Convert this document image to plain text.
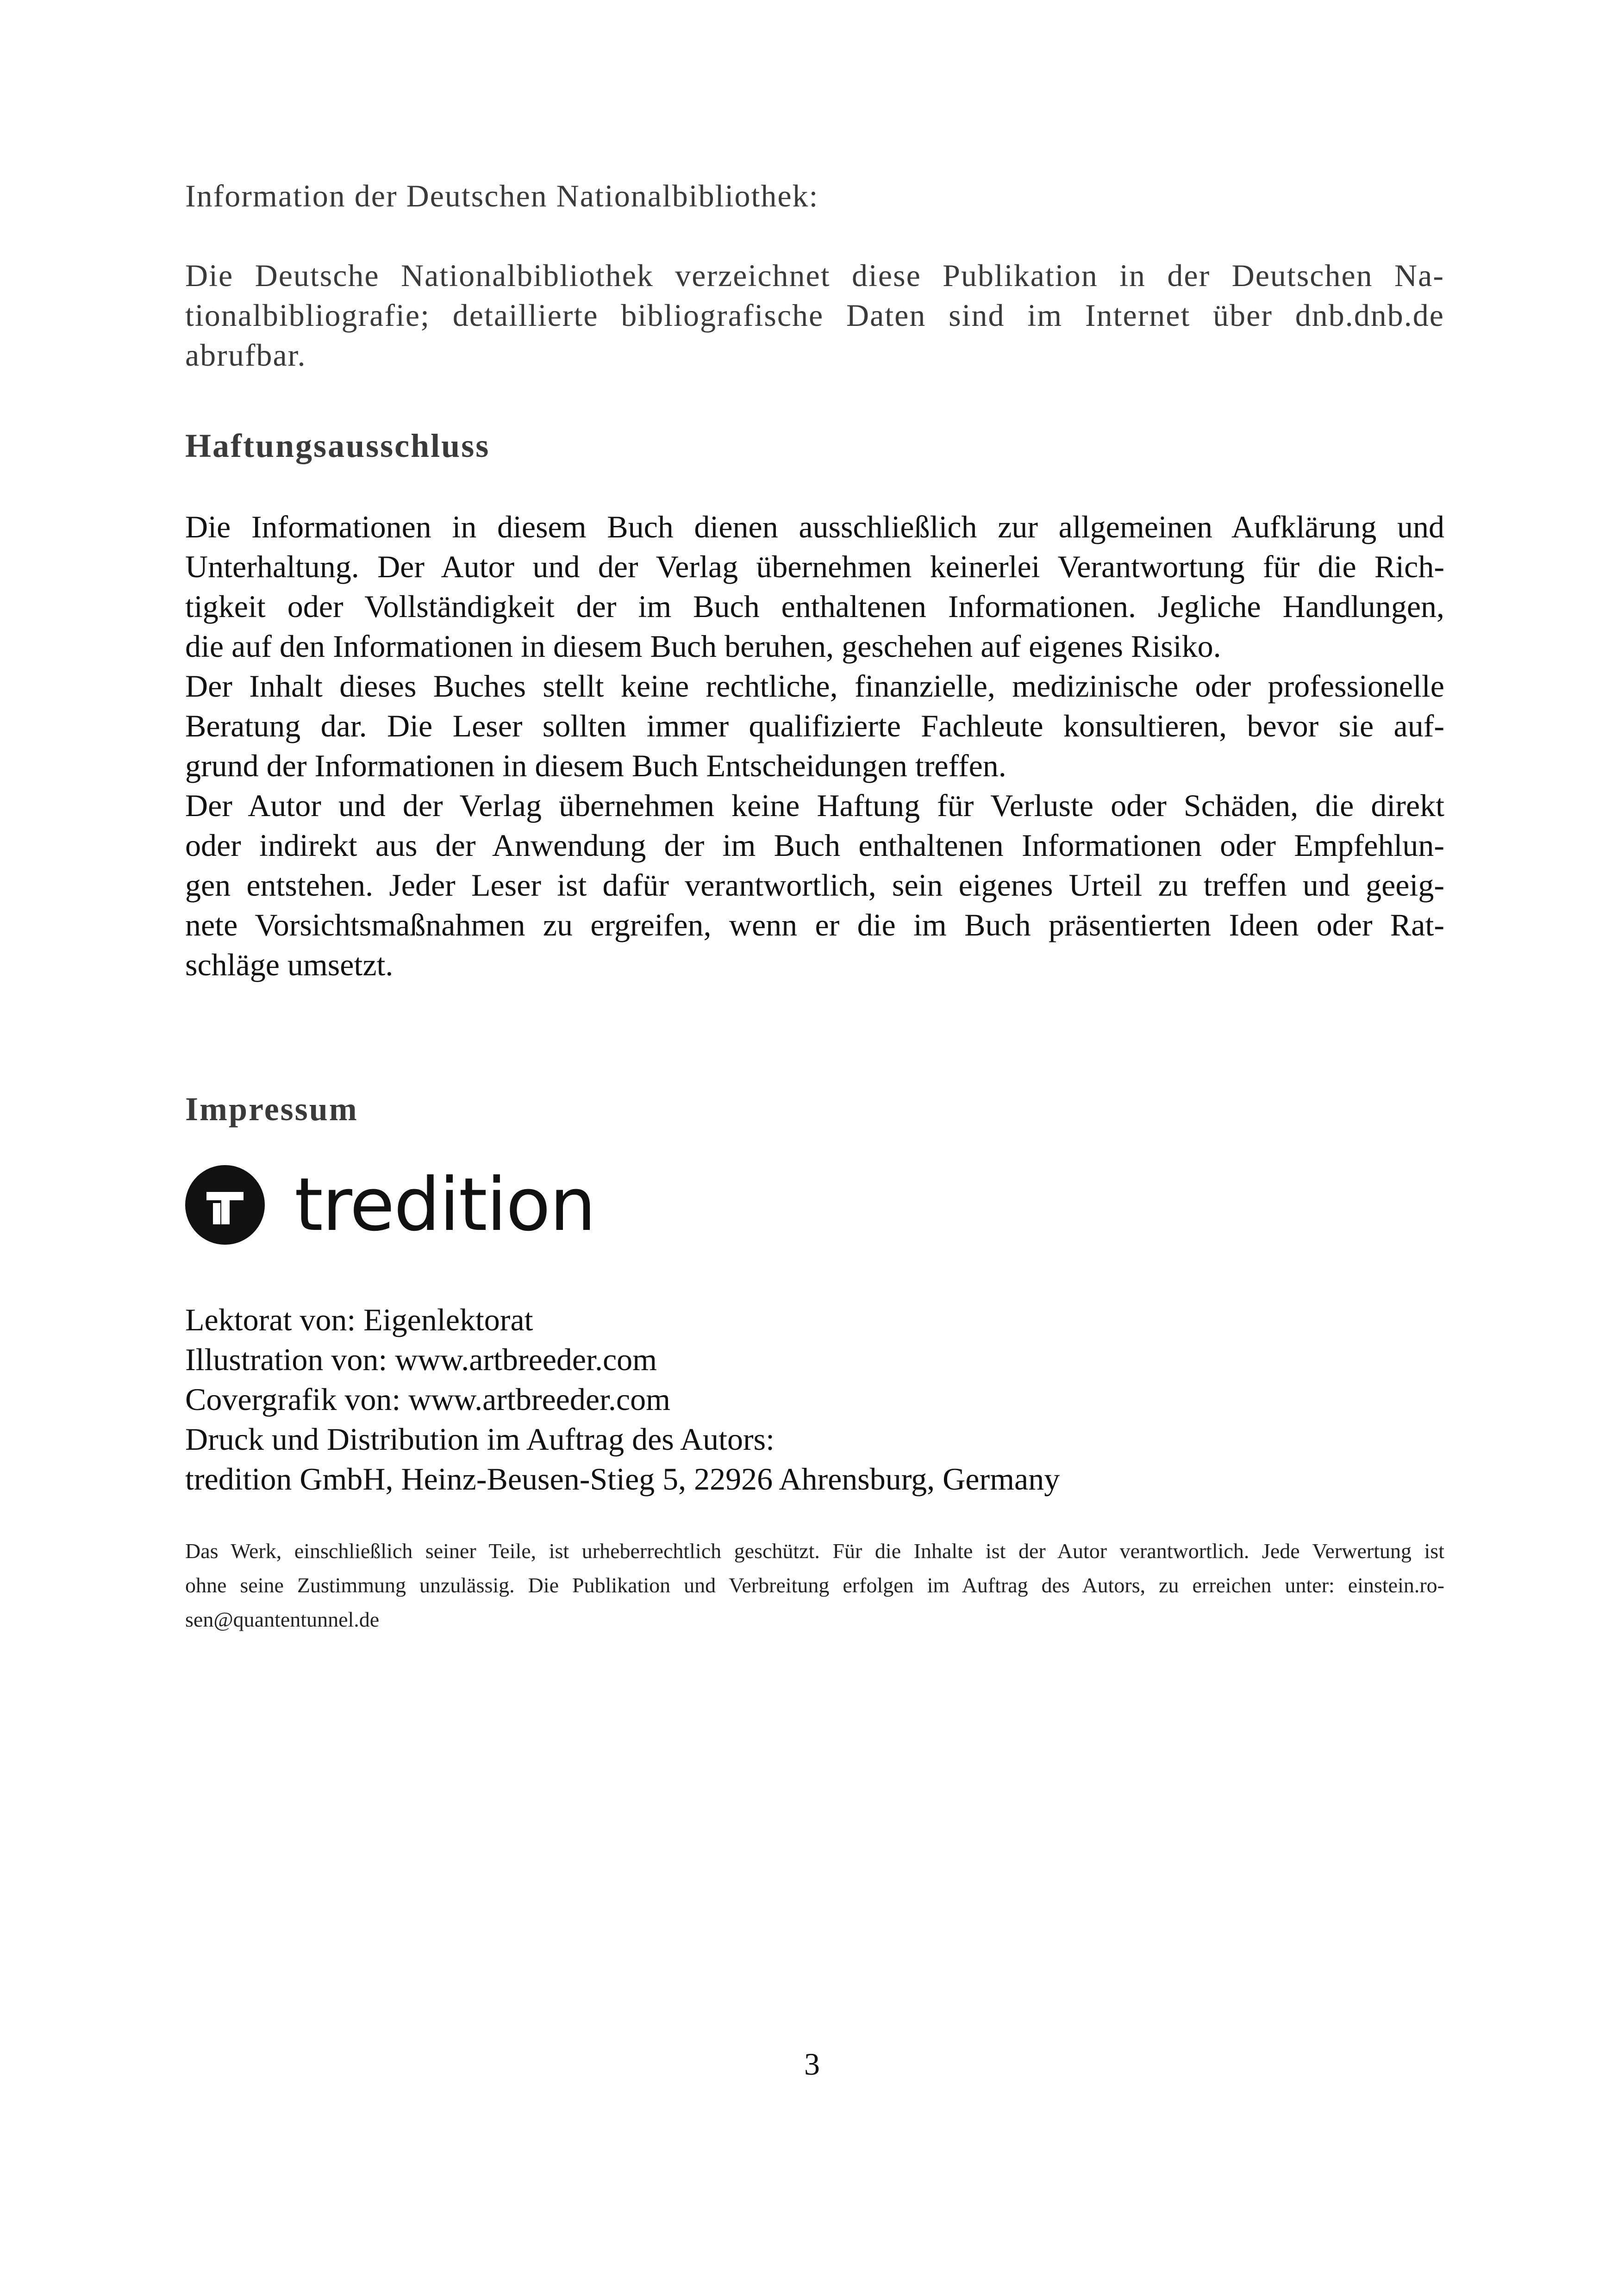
Information der Deutschen Nationalbibliothek:

Die Deutsche Nationalbibliothek verzeichnet diese Publikation in der Deutschen Na-
tionalbibliografie; detaillierte bibliografische Daten sind im Internet über dnb.dnb.de
abrufbar.

Haftungsausschluss
Die Informationen in diesem Buch dienen ausschließlich zur allgemeinen Aufklärung und
Unterhaltung. Der Autor und der Verlag übernehmen keinerlei Verantwortung für die Rich-
tigkeit oder Vollständigkeit der im Buch enthaltenen Informationen. Jegliche Handlungen,
die auf den Informationen in diesem Buch beruhen, geschehen auf eigenes Risiko.
Der Inhalt dieses Buches stellt keine rechtliche, finanzielle, medizinische oder professionelle
Beratung dar. Die Leser sollten immer qualifizierte Fachleute konsultieren, bevor sie auf-
grund der Informationen in diesem Buch Entscheidungen treffen.
Der Autor und der Verlag übernehmen keine Haftung für Verluste oder Schäden, die direkt
oder indirekt aus der Anwendung der im Buch enthaltenen Informationen oder Empfehlun-
gen entstehen. Jeder Leser ist dafür verantwortlich, sein eigenes Urteil zu treffen und geeig-
nete Vorsichtsmaßnahmen zu ergreifen, wenn er die im Buch präsentierten Ideen oder Rat-
schläge umsetzt.
Impressum
tredition
Lektorat von: Eigenlektorat
Illustration von: www.artbreeder.com
Covergrafik von: www.artbreeder.com
Druck und Distribution im Auftrag des Autors:
tredition GmbH, Heinz-Beusen-Stieg 5, 22926 Ahrensburg, Germany
Das Werk, einschließlich seiner Teile, ist urheberrechtlich geschützt. Für die Inhalte ist der Autor verantwortlich. Jede Verwertung ist
ohne seine Zustimmung unzulässig. Die Publikation und Verbreitung erfolgen im Auftrag des Autors, zu erreichen unter: einstein.ro-
sen@quantentunnel.de
3
